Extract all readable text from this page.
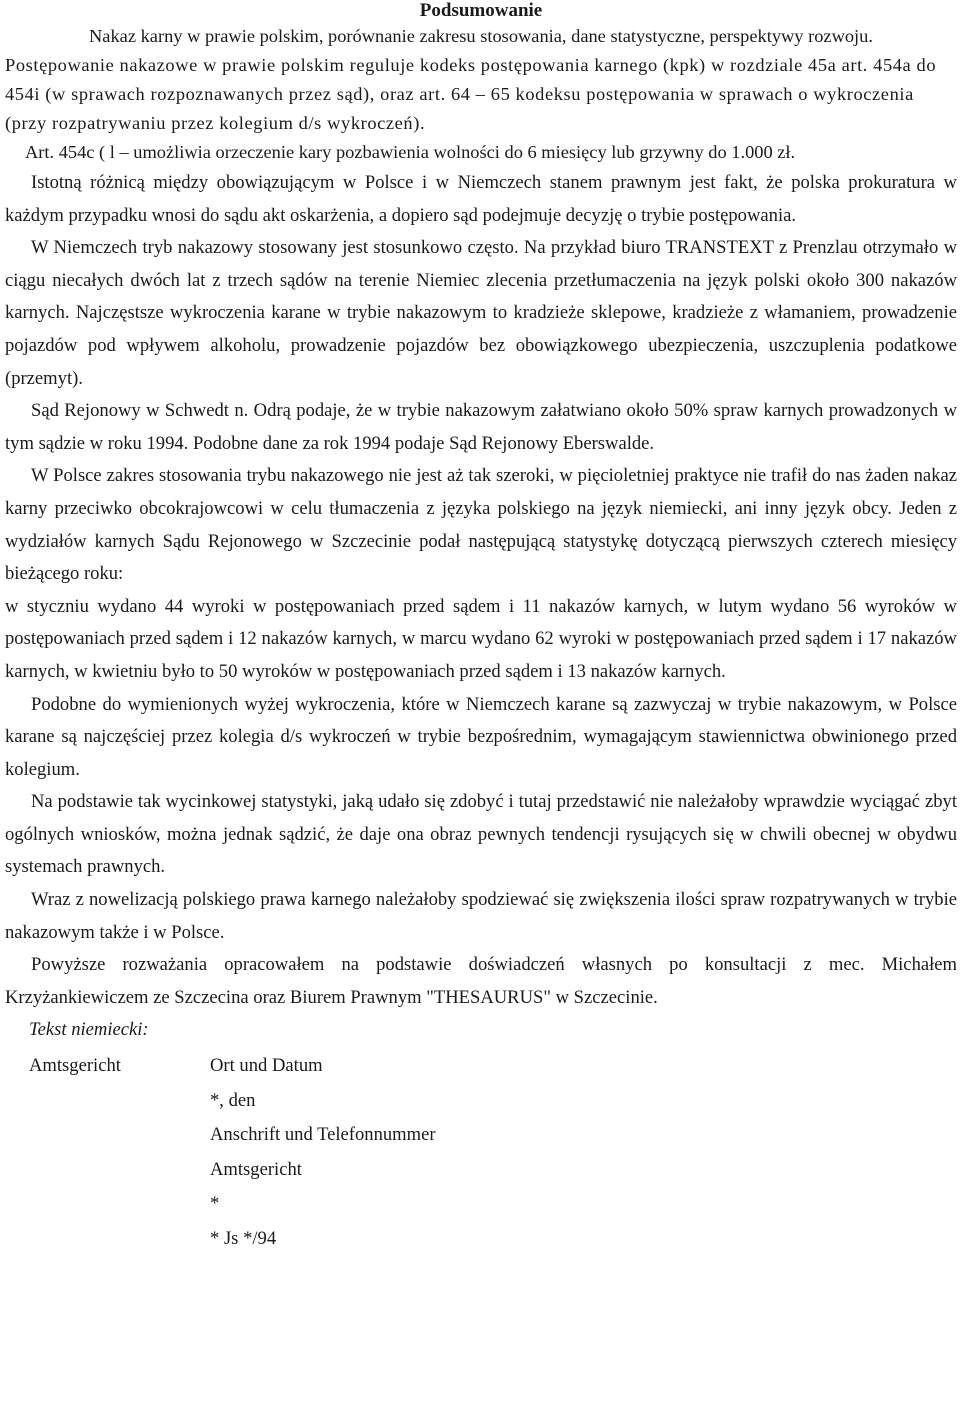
Podsumowanie

Nakaz karny w prawie polskim, porównanie zakresu stosowania, dane statystyczne, perspektywy rozwoju.

Postępowanie nakazowe w prawie polskim reguluje kodeks postępowania karnego (kpk) w rozdziale 45a art. 454a do 454i (w sprawach rozpoznawanych przez sąd), oraz art. 64 – 65 kodeksu postępowania w sprawach o wykroczenia (przy rozpatrywaniu przez kolegium d/s wykroczeń).

Art. 454c ( l – umożliwia orzeczenie kary pozbawienia wolności do 6 miesięcy lub grzywny do 1.000 zł.

Istotną różnicą między obowiązującym w Polsce i w Niemczech stanem prawnym jest fakt, że polska prokuratura w każdym przypadku wnosi do sądu akt oskarżenia, a dopiero sąd podejmuje decyzję o trybie postępowania.

W Niemczech tryb nakazowy stosowany jest stosunkowo często. Na przykład biuro TRANSTEXT z Prenzlau otrzymało w ciągu niecałych dwóch lat z trzech sądów na terenie Niemiec zlecenia przetłumaczenia na język polski około 300 nakazów karnych. Najczęstsze wykroczenia karane w trybie nakazowym to kradzieże sklepowe, kradzieże z włamaniem, prowadzenie pojazdów pod wpływem alkoholu, prowadzenie pojazdów bez obowiązkowego ubezpieczenia, uszczuplenia podatkowe (przemyt).

Sąd Rejonowy w Schwedt n. Odrą podaje, że w trybie nakazowym załatwiano około 50% spraw karnych prowadzonych w tym sądzie w roku 1994. Podobne dane za rok 1994 podaje Sąd Rejonowy Eberswalde.

W Polsce zakres stosowania trybu nakazowego nie jest aż tak szeroki, w pięcioletniej praktyce nie trafił do nas żaden nakaz karny przeciwko obcokrajowcowi w celu tłumaczenia z języka polskiego na język niemiecki, ani inny język obcy. Jeden z wydziałów karnych Sądu Rejonowego w Szczecinie podał następującą statystykę dotyczącą pierwszych czterech miesięcy bieżącego roku:

w styczniu wydano 44 wyroki w postępowaniach przed sądem i 11 nakazów karnych, w lutym wydano 56 wyroków w postępowaniach przed sądem i 12 nakazów karnych, w marcu wydano 62 wyroki w postępowaniach przed sądem i 17 nakazów karnych, w kwietniu było to 50 wyroków w postępowaniach przed sądem i 13 nakazów karnych.

Podobne do wymienionych wyżej wykroczenia, które w Niemczech karane są zazwyczaj w trybie nakazowym, w Polsce karane są najczęściej przez kolegia d/s wykroczeń w trybie bezpośrednim, wymagającym stawiennictwa obwinionego przed kolegium.

Na podstawie tak wycinkowej statystyki, jaką udało się zdobyć i tutaj przedstawić nie należałoby wprawdzie wyciągać zbyt ogólnych wniosków, można jednak sądzić, że daje ona obraz pewnych tendencji rysujących się w chwili obecnej w obydwu systemach prawnych.

Wraz z nowelizacją polskiego prawa karnego należałoby spodziewać się zwiększenia ilości spraw rozpatrywanych w trybie nakazowym także i w Polsce.

Powyższe rozważania opracowałem na podstawie doświadczeń własnych po konsultacji z mec. Michałem Krzyżankiewiczem ze Szczecina oraz Biurem Prawnym "THESAURUS" w Szczecinie.

Tekst niemiecki:

Amtsgericht	Ort und Datum
*, den
Anschrift und Telefonnummer
Amtsgericht
*
* Js */94
